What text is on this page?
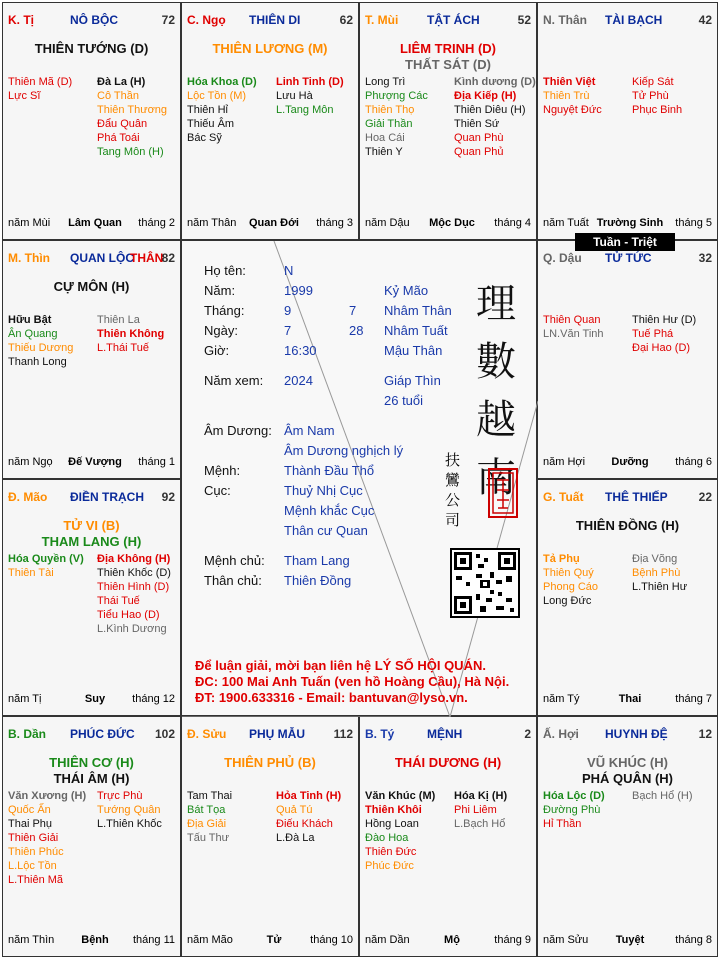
K. Tị	NÔ BỘC	72
THIÊN TƯỚNG (D)
Thiên Mã (D)
Lực Sĩ
Đà La (H)
Cô Thần
Thiên Thương
Đẩu Quân
Phá Toái
Tang Môn (H)
năm Mùi	Lâm Quan	tháng 2
C. Ngọ THIÊN DI	62
THIÊN LƯƠNG (M)
Hóa Khoa (D)
Lộc Tồn (M)
Thiên Hỉ
Thiếu Âm
Bác Sỹ
Linh Tinh (D)
Lưu Hà
L.Tang Môn
năm Thân	Quan Đới	tháng 3
T. Mùi TẬT ÁCH	52
LIÊM TRINH (D)
THẤT SÁT (D)
Long Trì
Phượng Các
Thiên Thọ
Giải Thần
Hoa Cái
Thiên Y
Kình dương (D)
Địa Kiếp (H)
Thiên Diêu (H)
Thiên Sứ
Quan Phù
Quan Phủ
năm Dậu	Mộc Dục	tháng 4
N. Thân TÀI BẠCH	42
Thiên Việt
Thiên Trù
Nguyệt Đức
Kiếp Sát
Tử Phù
Phục Binh
năm Tuất Trường Sinh tháng 5
M. Thìn QUAN LỘC
THÂN
82
CỰ MÔN (H)
Hữu Bật
Ân Quang
Thiếu Dương
Thanh Long
Thiên La
Thiên Không
L.Thái Tuế
năm Ngọ	Đế Vượng	tháng 1
Q. Dậu TỬ TỨC	32
Thiên Quan
LN.Văn Tinh
Thiên Hư (D)
Tuế Phá
Đại Hao (D)
năm Hợi	Dưỡng	tháng 6
Đ. Mão ĐIỀN TRẠCH 92
TỬ VI (B)
THAM LANG (H)
Hóa Quyền (V)
Thiên Tài
Địa Không (H)
Thiên Khốc (D)
Thiên Hình (D)
Thái Tuế
Tiểu Hao (D)
L.Kình Dương
năm Tị	Suy	tháng 12
G. Tuất THÊ THIẾP	22
THIÊN ĐỒNG (H)
Tả Phụ
Thiên Quý
Phong Cáo
Long Đức
Địa Võng
Bệnh Phù
L.Thiên Hư
năm Tý	Thai	tháng 7
B. Dần PHÚC ĐỨC 102
THIÊN CƠ (H)
THÁI ÂM (H)
Văn Xương (H)
Quốc Ấn
Thai Phụ
Thiên Giải
Thiên Phúc
L.Lộc Tồn
L.Thiên Mã
Trực Phù
Tướng Quân
L.Thiên Khốc
năm Thìn	Bệnh	tháng 11
Đ. Sửu PHỤ MẪU 112
THIÊN PHỦ (B)
Tam Thai
Bát Tọa
Địa Giải
Tấu Thư
Hỏa Tinh (H)
Quả Tú
Điếu Khách
L.Đà La
năm Mão	Tử	tháng 10
B. Tý	MỆNH	2
THÁI DƯƠNG (H)
Văn Khúc (M)
Thiên Khôi
Hồng Loan
Đào Hoa
Thiên Đức
Phúc Đức
Hóa Kị (H)
Phi Liêm
L.Bạch Hổ
năm Dần	Mộ	tháng 9
Ấ. Hợi HUYNH ĐỆ	12
VŨ KHÚC (H)
PHÁ QUÂN (H)
Hóa Lộc (D)
Đường Phù
Hỉ Thần
Bạch Hổ (H)
năm Sửu	Tuyệt	tháng 8
Họ tên:	N
Năm:	1999	Kỷ Mão
Tháng:	9	7 Nhâm Thân
Ngày:	7	28 Nhâm Tuất
Giờ:	16:30	Mậu Thân
Năm xem: 2024	Giáp Thìn
26 tuổi
Âm Dương: Âm Nam
Âm Dương nghịch lý
Mệnh:	Thành Đầu Thổ
Cục:	Thuỷ Nhị Cục
Mệnh khắc Cục
Thân cư Quan
Mệnh chủ: Tham Lang
Thân chủ: Thiên Đồng
理
數
越
南
扶
鸞
公
司
Để luận giải, mời bạn liên hệ LÝ SỐ HỘI QUÁN.
ĐC: 100 Mai Anh Tuấn (ven hồ Hoàng Cầu), Hà Nội.
ĐT: 1900.633316 - Email: bantuvan@lyso.vn.
Tuần - Triệt
